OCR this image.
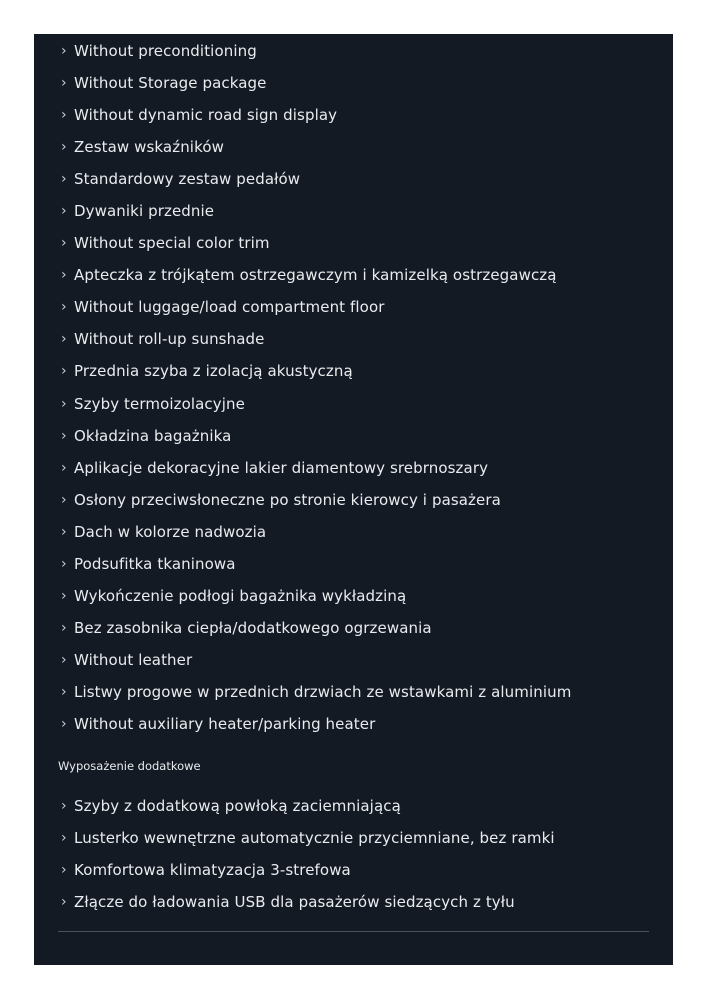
› Without preconditioning
› Without Storage package
› Without dynamic road sign display
› Zestaw wskaźników
› Standardowy zestaw pedałów
› Dywaniki przednie
› Without special color trim
› Apteczka z trójkątem ostrzegawczym i kamizelką ostrzegawczą
› Without luggage/load compartment floor
› Without roll-up sunshade
› Przednia szyba z izolacją akustyczną
› Szyby termoizolacyjne
› Okładzina bagażnika
› Aplikacje dekoracyjne lakier diamentowy srebrnoszary
› Osłony przeciwsłoneczne po stronie kierowcy i pasażera
› Dach w kolorze nadwozia
› Podsufitka tkaninowa
› Wykończenie podłogi bagażnika wykładziną
› Bez zasobnika ciepła/dodatkowego ogrzewania
› Without leather
› Listwy progowe w przednich drzwiach ze wstawkami z aluminium
› Without auxiliary heater/parking heater
Wyposażenie dodatkowe
› Szyby z dodatkową powłoką zaciemniającą
› Lusterko wewnętrzne automatycznie przyciemniane, bez ramki
› Komfortowa klimatyzacja 3-strefowa
› Złącze do ładowania USB dla pasażerów siedzących z tyłu
otomoto
